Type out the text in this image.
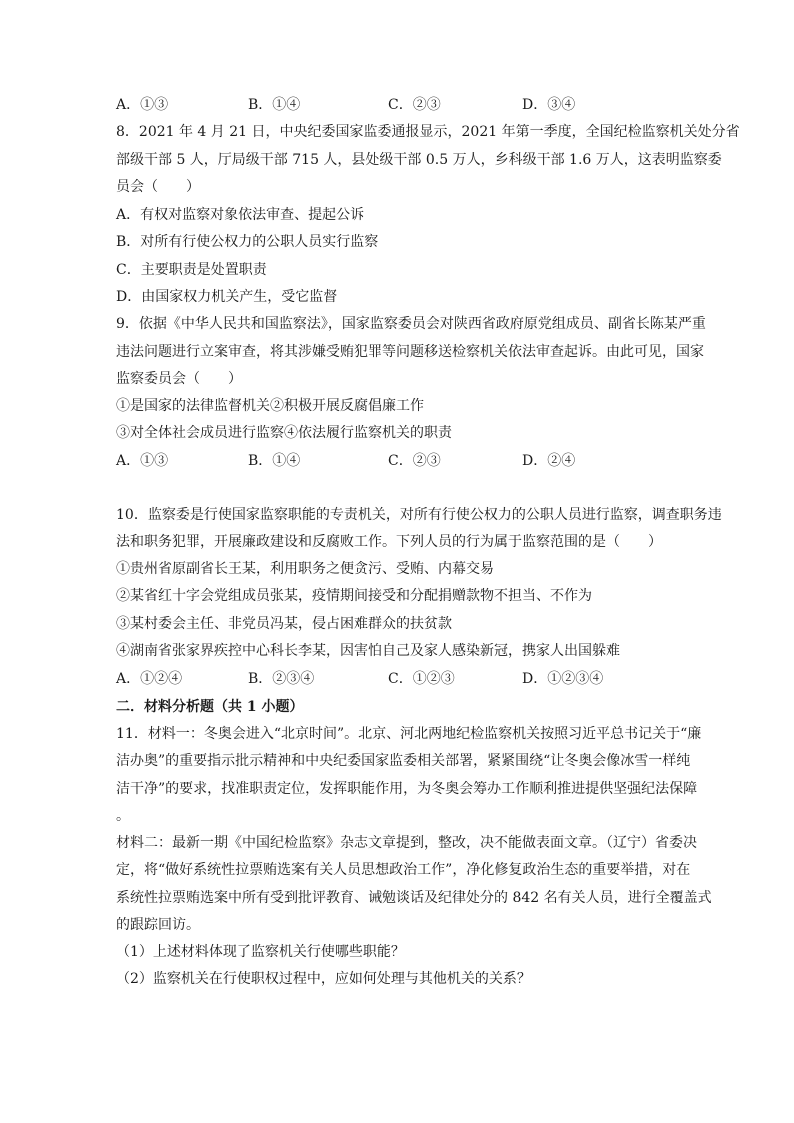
A．①③	B．①④	C．②③	D．③④
8．2021 年 4 月 21 日，中央纪委国家监委通报显示，2021 年第一季度，全国纪检监察机关处分省
部级干部 5 人，厅局级干部 715 人，县处级干部 0.5 万人，乡科级干部 1.6 万人，这表明监察委
员会（　　）
A．有权对监察对象依法审查、提起公诉
B．对所有行使公权力的公职人员实行监察
C．主要职责是处置职责
D．由国家权力机关产生，受它监督
9．依据《中华人民共和国监察法》，国家监察委员会对陕西省政府原党组成员、副省长陈某严重
违法问题进行立案审查，将其涉嫌受贿犯罪等问题移送检察机关依法审查起诉。由此可见，国家
监察委员会（　　）
①是国家的法律监督机关②积极开展反腐倡廉工作
③对全体社会成员进行监察④依法履行监察机关的职责
A．①③	B．①④	C．②③	D．②④
10．监察委是行使国家监察职能的专责机关，对所有行使公权力的公职人员进行监察，调查职务违
法和职务犯罪，开展廉政建设和反腐败工作。下列人员的行为属于监察范围的是（　　）
①贵州省原副省长王某，利用职务之便贪污、受贿、内幕交易
②某省红十字会党组成员张某，疫情期间接受和分配捐赠款物不担当、不作为
③某村委会主任、非党员冯某，侵占困难群众的扶贫款
④湖南省张家界疾控中心科长李某，因害怕自己及家人感染新冠，携家人出国躲难
A．①②④	B．②③④	C．①②③	D．①②③④
二．材料分析题（共 1 小题）
11．材料一：冬奥会进入“北京时间”。北京、河北两地纪检监察机关按照习近平总书记关于“廉
洁办奥”的重要指示批示精神和中央纪委国家监委相关部署，紧紧围绕“让冬奥会像冰雪一样纯
洁干净”的要求，找准职责定位，发挥职能作用，为冬奥会筹办工作顺利推进提供坚强纪法保障
。
材料二：最新一期《中国纪检监察》杂志文章提到，整改，决不能做表面文章。（辽宁）省委决
定，将“做好系统性拉票贿选案有关人员思想政治工作”，净化修复政治生态的重要举措，对在
系统性拉票贿选案中所有受到批评教育、诫勉谈话及纪律处分的 842 名有关人员，进行全覆盖式
的跟踪回访。
（1）上述材料体现了监察机关行使哪些职能？
（2）监察机关在行使职权过程中，应如何处理与其他机关的关系？
